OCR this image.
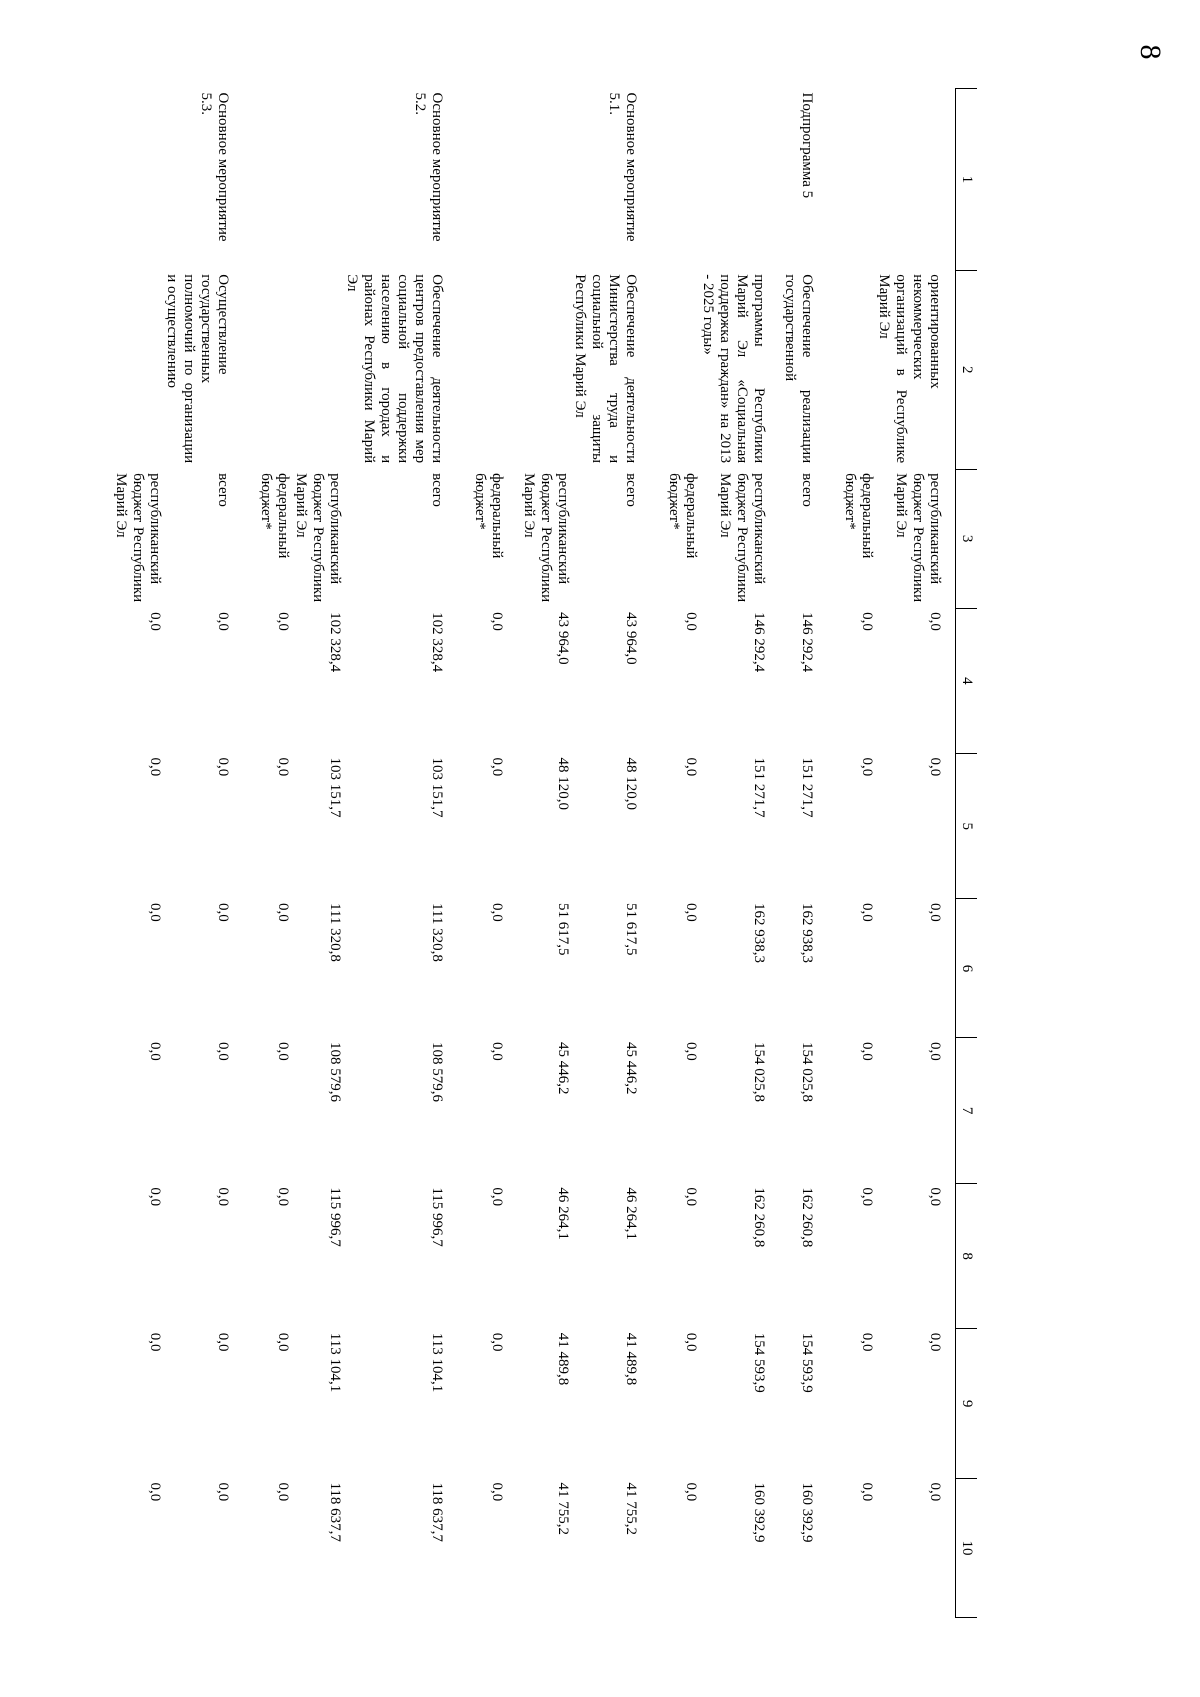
8
1	2	3	4	5	6	7	8	9	10
	ориентированных некоммерческих организаций в Республике Марий Эл	республиканский бюджет Республики Марий Эл	0,0	0,0	0,0	0,0	0,0	0,0	0,0
		федеральный бюджет*	0,0	0,0	0,0	0,0	0,0	0,0	0,0
Подпрограмма 5	Обеспечение реализации государственной	всего	146 292,4	151 271,7	162 938,3	154 025,8	162 260,8	154 593,9	160 392,9
	программы Республики Марий Эл «Социальная поддержка граждан» на 2013 - 2025 годы»	республиканский бюджет Республики Марий Эл	146 292,4	151 271,7	162 938,3	154 025,8	162 260,8	154 593,9	160 392,9
		федеральный бюджет*	0,0	0,0	0,0	0,0	0,0	0,0	0,0
Основное мероприятие 5.1.	Обеспечение деятельности Министерства труда и социальной защиты Республики Марий Эл	всего	43 964,0	48 120,0	51 617,5	45 446,2	46 264,1	41 489,8	41 755,2
		республиканский бюджет Республики Марий Эл	43 964,0	48 120,0	51 617,5	45 446,2	46 264,1	41 489,8	41 755,2
		федеральный бюджет*	0,0	0,0	0,0	0,0	0,0	0,0	0,0
Основное мероприятие 5.2.	Обеспечение деятельности центров предоставления мер социальной поддержки населению в городах и районах Республики Марий Эл	всего	102 328,4	103 151,7	111 320,8	108 579,6	115 996,7	113 104,1	118 637,7
		республиканский бюджет Республики Марий Эл	102 328,4	103 151,7	111 320,8	108 579,6	115 996,7	113 104,1	118 637,7
		федеральный бюджет*	0,0	0,0	0,0	0,0	0,0	0,0	0,0
Основное мероприятие 5.3.	Осуществление государственных полномочий по организации и осуществлению	всего	0,0	0,0	0,0	0,0	0,0	0,0	0,0
		республиканский бюджет Республики Марий Эл	0,0	0,0	0,0	0,0	0,0	0,0	0,0
